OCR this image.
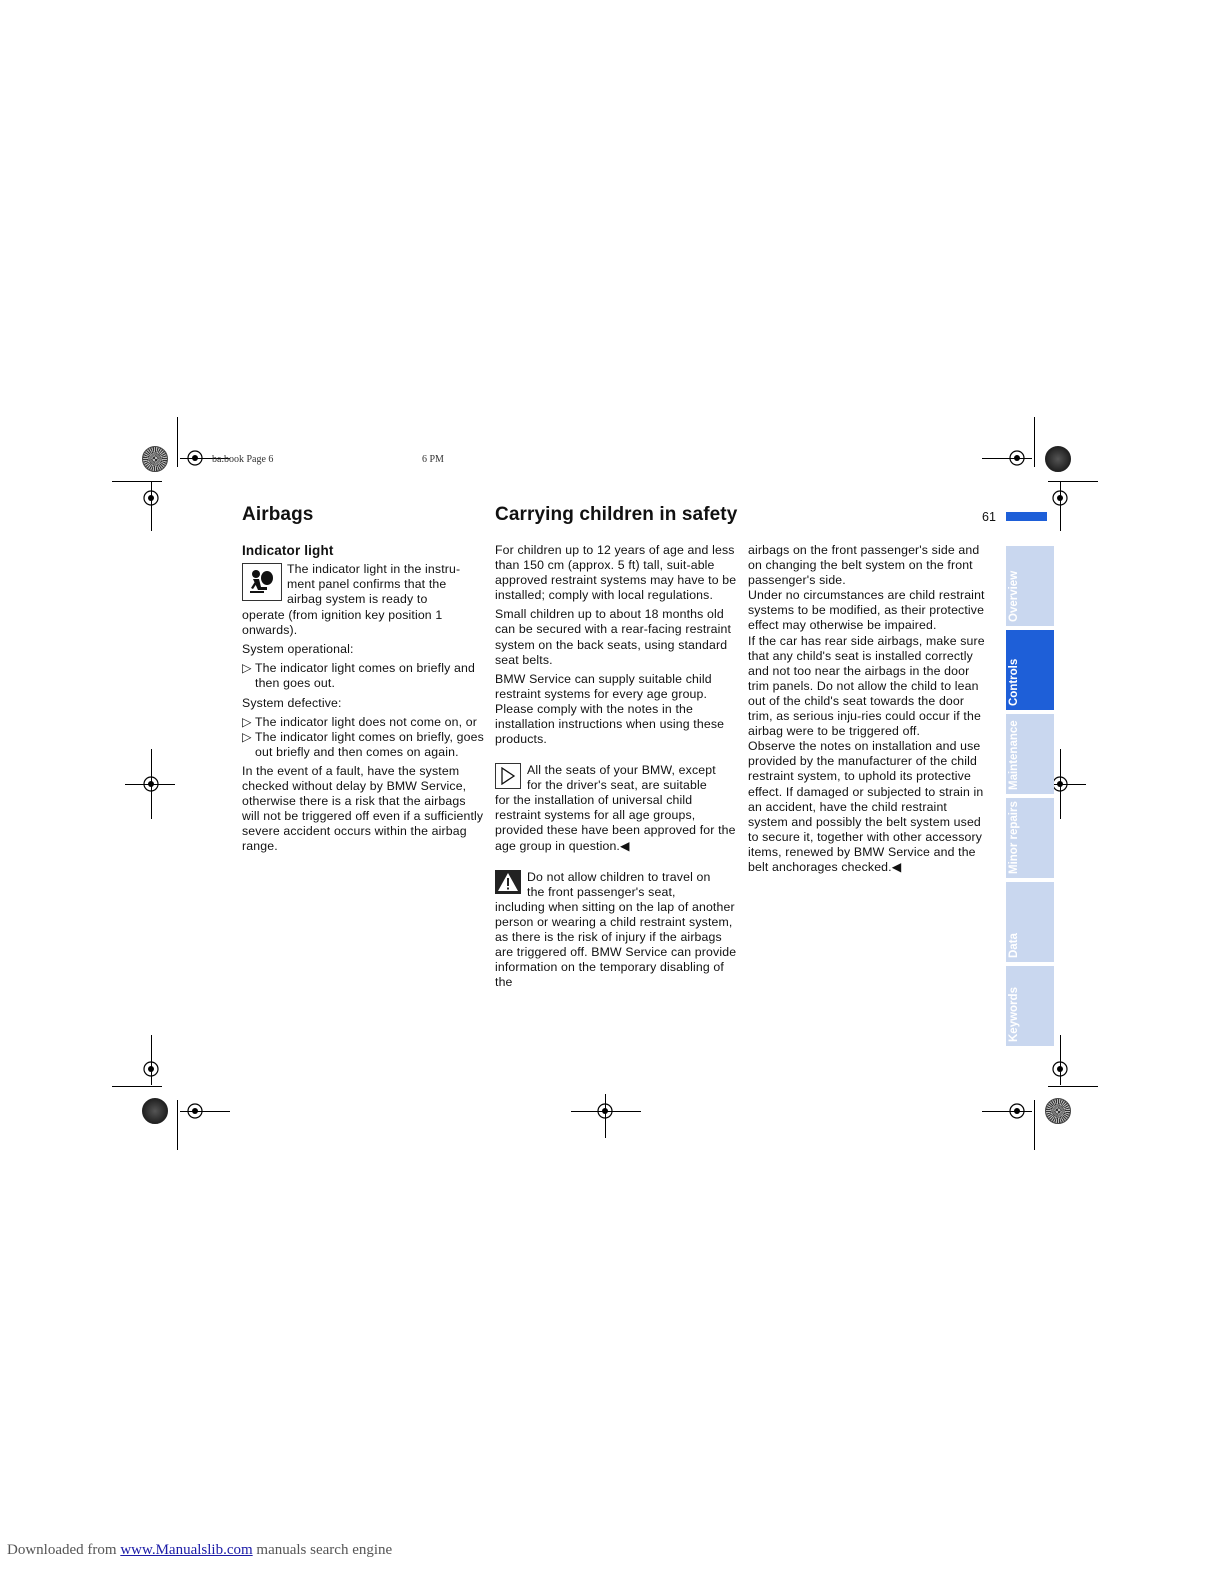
ba.book Page 6	6 PM
Airbags	Carrying children in safety	61
Indicator light
The indicator light in the instru-
ment panel confirms that the
airbag system is ready to

operate (from ignition key position 1 onwards).

System operational:

▷ The indicator light comes on briefly and then goes out.

System defective:

▷ The indicator light does not come on, or
▷ The indicator light comes on briefly, goes out briefly and then comes on again.

In the event of a fault, have the system checked without delay by BMW Service, otherwise there is a risk that the airbags will not be triggered off even if a sufficiently severe accident occurs within the airbag range.

For children up to 12 years of age and less than 150 cm (approx. 5 ft) tall, suit-able approved restraint systems may have to be installed; comply with local regulations.

Small children up to about 18 months old can be secured with a rear-facing restraint system on the back seats, using standard seat belts.

BMW Service can supply suitable child restraint systems for every age group. Please comply with the notes in the installation instructions when using these products.

All the seats of your BMW, except
for the driver's seat, are suitable

for the installation of universal child restraint systems for all age groups, provided these have been approved for the age group in question.◀

Do not allow children to travel on
the front passenger's seat,

including when sitting on the lap of another person or wearing a child restraint system, as there is the risk of injury if the airbags are triggered off. BMW Service can provide information on the temporary disabling of the

airbags on the front passenger's side and on changing the belt system on the front passenger's side.

Under no circumstances are child restraint systems to be modified, as their protective effect may otherwise be impaired.

If the car has rear side airbags, make sure that any child's seat is installed correctly and not too near the airbags in the door trim panels. Do not allow the child to lean out of the child's seat towards the door trim, as serious inju-ries could occur if the airbag were to be triggered off.

Observe the notes on installation and use provided by the manufacturer of the child restraint system, to uphold its protective effect. If damaged or subjected to strain in an accident, have the child restraint system and possibly the belt system used to secure it, together with other accessory items, renewed by BMW Service and the belt anchorages checked.◀

Overview
Controls
Maintenance
Minor repairs
Data
Keywords
Downloaded from www.Manualslib.com manuals search engine
